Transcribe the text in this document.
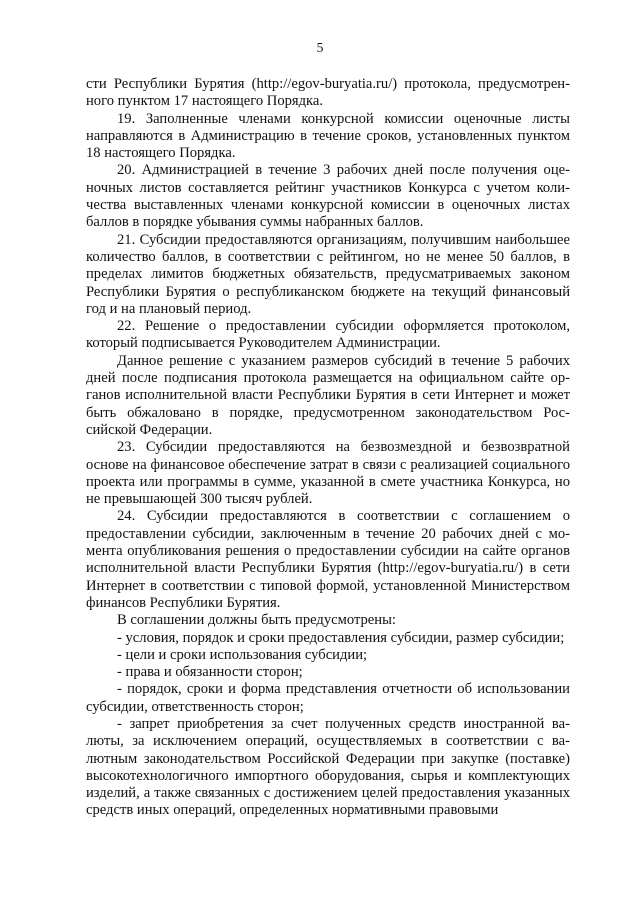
5

сти Республики Бурятия (http://egov-buryatia.ru/) протокола, предусмотренного пунктом 17 настоящего Порядка.

19. Заполненные членами конкурсной комиссии оценочные листы направляются в Администрацию в течение сроков, установленных пунктом 18 настоящего Порядка.

20. Администрацией в течение 3 рабочих дней после получения оценочных листов составляется рейтинг участников Конкурса с учетом количества выставленных членами конкурсной комиссии в оценочных листах баллов в порядке убывания суммы набранных баллов.

21. Субсидии предоставляются организациям, получившим наибольшее количество баллов, в соответствии с рейтингом, но не менее 50 баллов, в пределах лимитов бюджетных обязательств, предусматриваемых законом Республики Бурятия о республиканском бюджете на текущий финансовый год и на плановый период.

22. Решение о предоставлении субсидии оформляется протоколом, который подписывается Руководителем Администрации.

Данное решение с указанием размеров субсидий в течение 5 рабочих дней после подписания протокола размещается на официальном сайте органов исполнительной власти Республики Бурятия в сети Интернет и может быть обжаловано в порядке, предусмотренном законодательством Российской Федерации.

23. Субсидии предоставляются на безвозмездной и безвозвратной основе на финансовое обеспечение затрат в связи с реализацией социального проекта или программы в сумме, указанной в смете участника Конкурса, но не превышающей 300 тысяч рублей.

24. Субсидии предоставляются в соответствии с соглашением о предоставлении субсидии, заключенным в течение 20 рабочих дней с момента опубликования решения о предоставлении субсидии на сайте органов исполнительной власти Республики Бурятия (http://egov-buryatia.ru/) в сети Интернет в соответствии с типовой формой, установленной Министерством финансов Республики Бурятия.

В соглашении должны быть предусмотрены:

- условия, порядок и сроки предоставления субсидии, размер субсидии;

- цели и сроки использования субсидии;

- права и обязанности сторон;

- порядок, сроки и форма представления отчетности об использовании субсидии, ответственность сторон;

- запрет приобретения за счет полученных средств иностранной валюты, за исключением операций, осуществляемых в соответствии с валютным законодательством Российской Федерации при закупке (поставке) высокотехнологичного импортного оборудования, сырья и комплектующих изделий, а также связанных с достижением целей предоставления указанных средств иных операций, определенных нормативными правовыми
